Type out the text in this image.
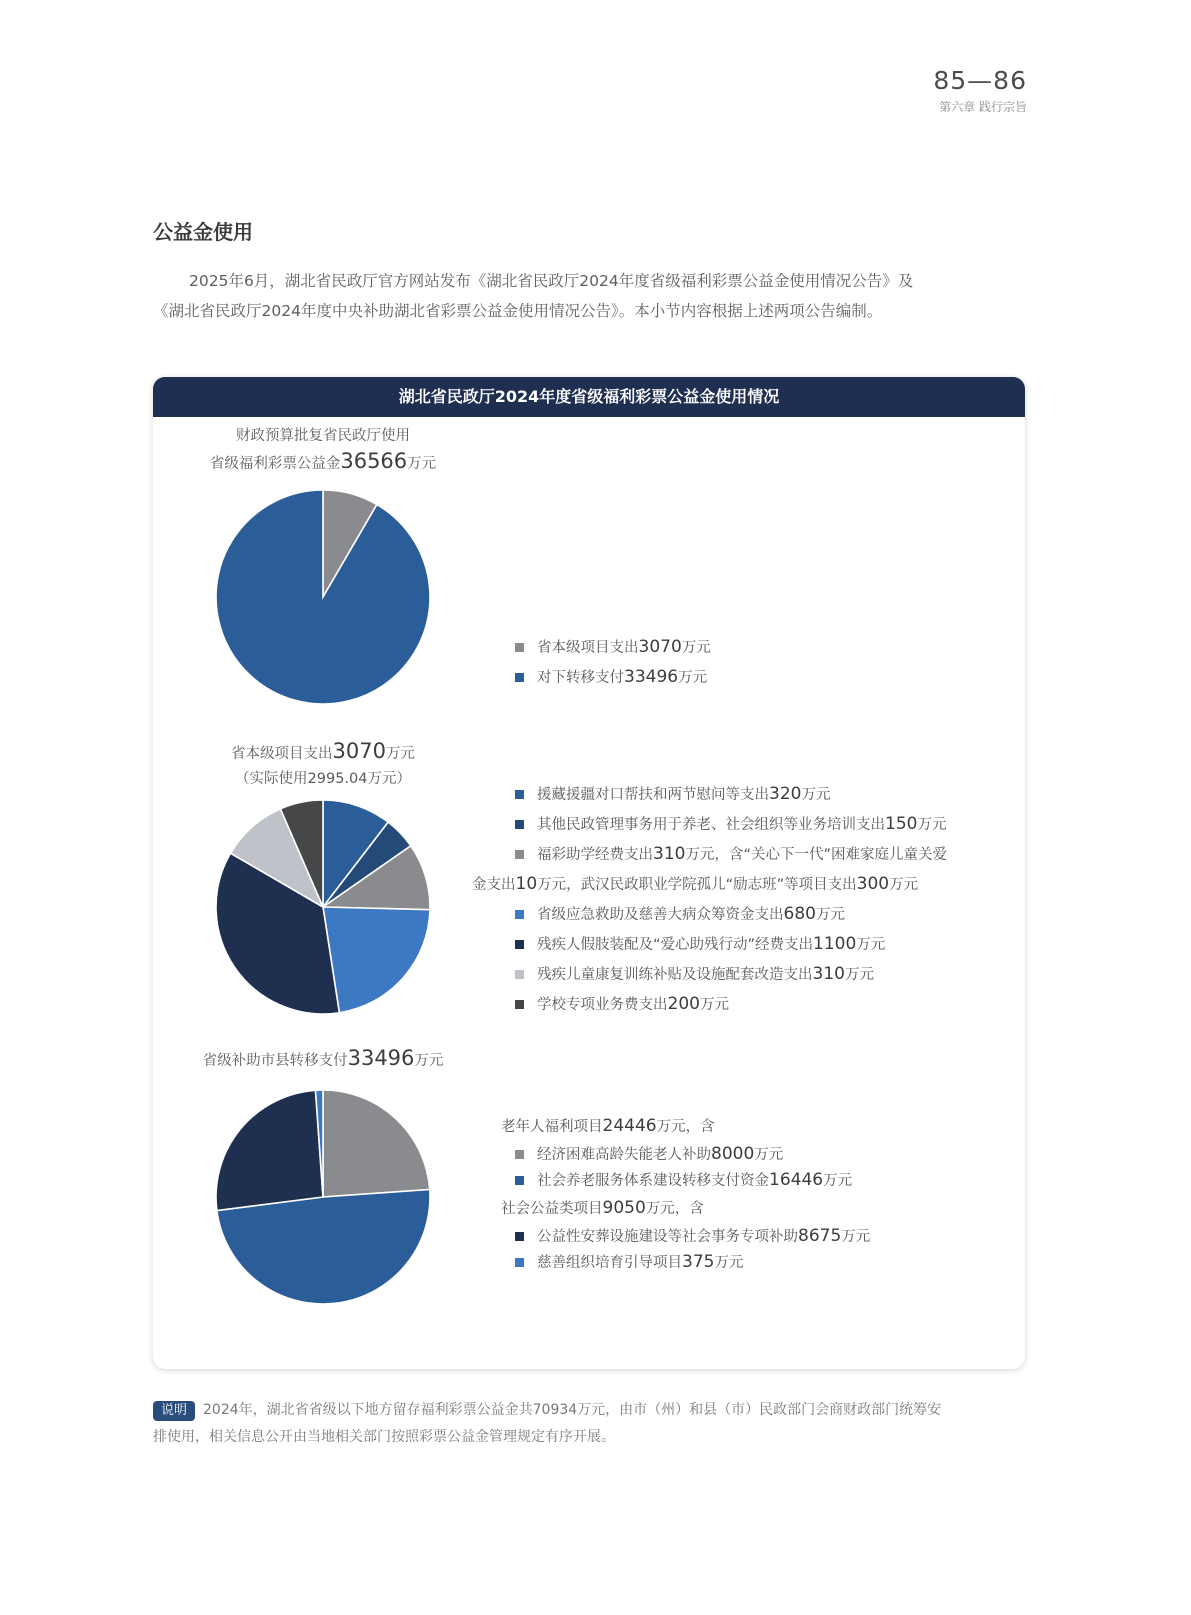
85—86
第六章 践行宗旨
公益金使用
2025年6月，湖北省民政厅官方网站发布《湖北省民政厅2024年度省级福利彩票公益金使用情况公告》及
《湖北省民政厅2024年度中央补助湖北省彩票公益金使用情况公告》。本小节内容根据上述两项公告编制。
湖北省民政厅2024年度省级福利彩票公益金使用情况
财政预算批复省民政厅使用
省级福利彩票公益金36566万元
省本级项目支出3070万元
对下转移支付33496万元
省本级项目支出3070万元
（实际使用2995.04万元）
援藏援疆对口帮扶和两节慰问等支出320万元
其他民政管理事务用于养老、社会组织等业务培训支出150万元
福彩助学经费支出310万元，含“关心下一代”困难家庭儿童关爱
金支出10万元，武汉民政职业学院孤儿“励志班”等项目支出300万元
省级应急救助及慈善大病众筹资金支出680万元
残疾人假肢装配及“爱心助残行动”经费支出1100万元
残疾儿童康复训练补贴及设施配套改造支出310万元
学校专项业务费支出200万元
省级补助市县转移支付33496万元
老年人福利项目24446万元，含
经济困难高龄失能老人补助8000万元
社会养老服务体系建设转移支付资金16446万元
社会公益类项目9050万元，含
公益性安葬设施建设等社会事务专项补助8675万元
慈善组织培育引导项目375万元
说明 2024年，湖北省省级以下地方留存福利彩票公益金共70934万元，由市（州）和县（市）民政部门会商财政部门统筹安
排使用，相关信息公开由当地相关部门按照彩票公益金管理规定有序开展。
